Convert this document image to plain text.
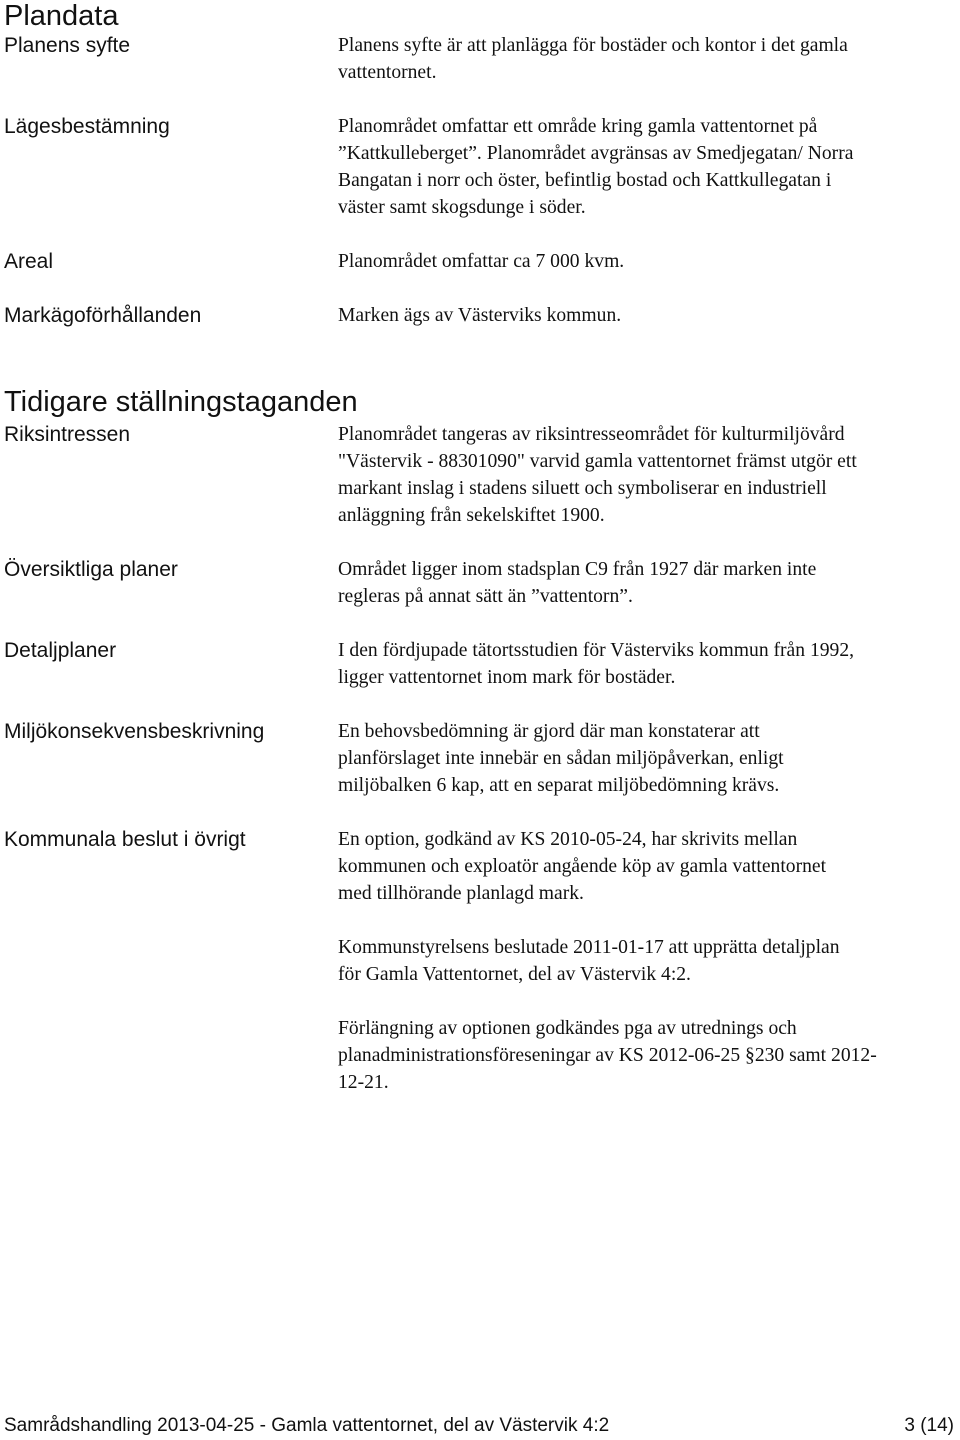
Plandata
Planens syfte	Planens syfte är att planlägga för bostäder och kontor i det gamla
vattentornet.
Lägesbestämning	Planområdet omfattar ett område kring gamla vattentornet på
”Kattkulleberget”. Planområdet avgränsas av Smedjegatan/ Norra
Bangatan i norr och öster, befintlig bostad och Kattkullegatan i
väster samt skogsdunge i söder.
Areal	Planområdet omfattar ca 7 000 kvm.
Markägoförhållanden	Marken ägs av Västerviks kommun.
Tidigare ställningstaganden
Riksintressen	Planområdet tangeras av riksintresseområdet för kulturmiljövård
"Västervik - 88301090" varvid gamla vattentornet främst utgör ett
markant inslag i stadens siluett och symboliserar en industriell
anläggning från sekelskiftet 1900.
Översiktliga planer	Området ligger inom stadsplan C9 från 1927 där marken inte
regleras på annat sätt än ”vattentorn”.
Detaljplaner	I den fördjupade tätortsstudien för Västerviks kommun från 1992,
ligger vattentornet inom mark för bostäder.
Miljökonsekvensbeskrivning	En behovsbedömning är gjord där man konstaterar att
planförslaget inte innebär en sådan miljöpåverkan, enligt
miljöbalken 6 kap, att en separat miljöbedömning krävs.
Kommunala beslut i övrigt	En option, godkänd av KS 2010-05-24, har skrivits mellan
kommunen och exploatör angående köp av gamla vattentornet
med tillhörande planlagd mark.
Kommunstyrelsens beslutade 2011-01-17 att upprätta detaljplan
för Gamla Vattentornet, del av Västervik 4:2.
Förlängning av optionen godkändes pga av utrednings och
planadministrationsföreseningar av KS 2012-06-25 §230 samt 2012-
12-21.
Samrådshandling 2013-04-25 - Gamla vattentornet, del av Västervik 4:2	3 (14)
